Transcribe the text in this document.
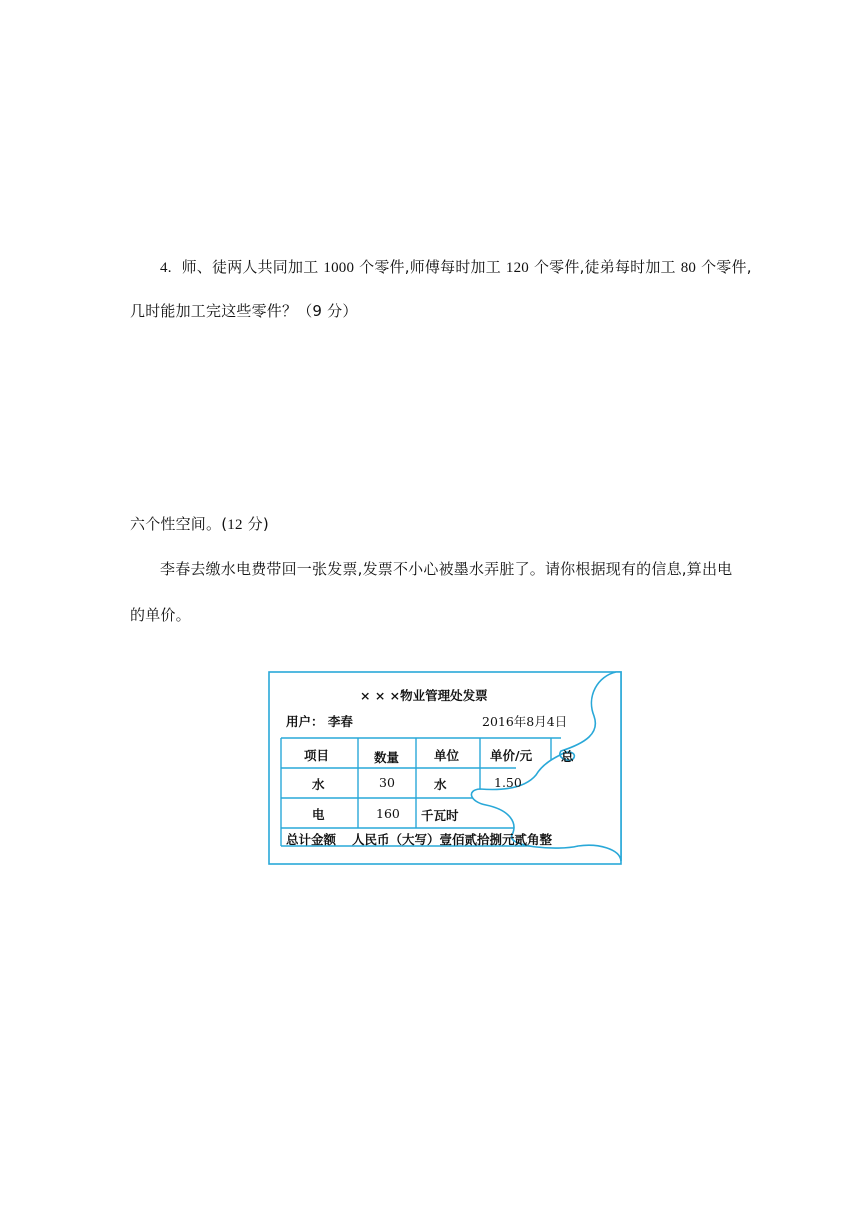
4. 师、徒两人共同加工 1000 个零件,师傅每时加工 120 个零件,徒弟每时加工 80 个零件,
几时能加工完这些零件？（9 分）
六个性空间。(12 分)
李春去缴水电费带回一张发票,发票不小心被墨水弄脏了。请你根据现有的信息,算出电
的单价。
× × ×物业管理处发票
用户： 李春	2016年8月4日
项目	数量	单位 单价/元 总
水	30	水	1.50
电	160 千瓦时
总计金额 人民币（大写）壹佰贰拾捌元贰角整
